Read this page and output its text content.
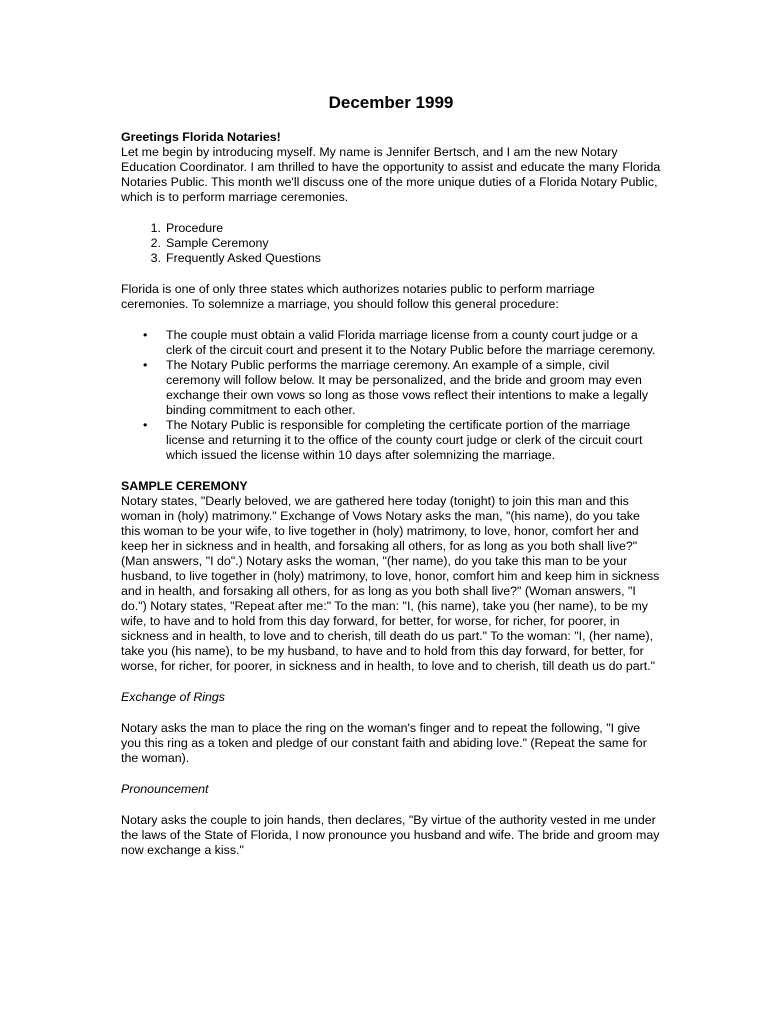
December 1999

Greetings Florida Notaries!

Let me begin by introducing myself. My name is Jennifer Bertsch, and I am the new Notary Education Coordinator. I am thrilled to have the opportunity to assist and educate the many Florida Notaries Public. This month we'll discuss one of the more unique duties of a Florida Notary Public, which is to perform marriage ceremonies.

1. Procedure
2. Sample Ceremony
3. Frequently Asked Questions

Florida is one of only three states which authorizes notaries public to perform marriage ceremonies. To solemnize a marriage, you should follow this general procedure:

• The couple must obtain a valid Florida marriage license from a county court judge or a clerk of the circuit court and present it to the Notary Public before the marriage ceremony.
• The Notary Public performs the marriage ceremony. An example of a simple, civil ceremony will follow below. It may be personalized, and the bride and groom may even exchange their own vows so long as those vows reflect their intentions to make a legally binding commitment to each other.
• The Notary Public is responsible for completing the certificate portion of the marriage license and returning it to the office of the county court judge or clerk of the circuit court which issued the license within 10 days after solemnizing the marriage.

SAMPLE CEREMONY

Notary states, "Dearly beloved, we are gathered here today (tonight) to join this man and this woman in (holy) matrimony." Exchange of Vows Notary asks the man, "(his name), do you take this woman to be your wife, to live together in (holy) matrimony, to love, honor, comfort her and keep her in sickness and in health, and forsaking all others, for as long as you both shall live?" (Man answers, "I do".) Notary asks the woman, "(her name), do you take this man to be your husband, to live together in (holy) matrimony, to love, honor, comfort him and keep him in sickness and in health, and forsaking all others, for as long as you both shall live?" (Woman answers, "I do.") Notary states, "Repeat after me:" To the man: "I, (his name), take you (her name), to be my wife, to have and to hold from this day forward, for better, for worse, for richer, for poorer, in sickness and in health, to love and to cherish, till death do us part." To the woman: "I, (her name), take you (his name), to be my husband, to have and to hold from this day forward, for better, for worse, for richer, for poorer, in sickness and in health, to love and to cherish, till death us do part."

Exchange of Rings

Notary asks the man to place the ring on the woman's finger and to repeat the following, "I give you this ring as a token and pledge of our constant faith and abiding love." (Repeat the same for the woman).

Pronouncement

Notary asks the couple to join hands, then declares, "By virtue of the authority vested in me under the laws of the State of Florida, I now pronounce you husband and wife. The bride and groom may now exchange a kiss."
